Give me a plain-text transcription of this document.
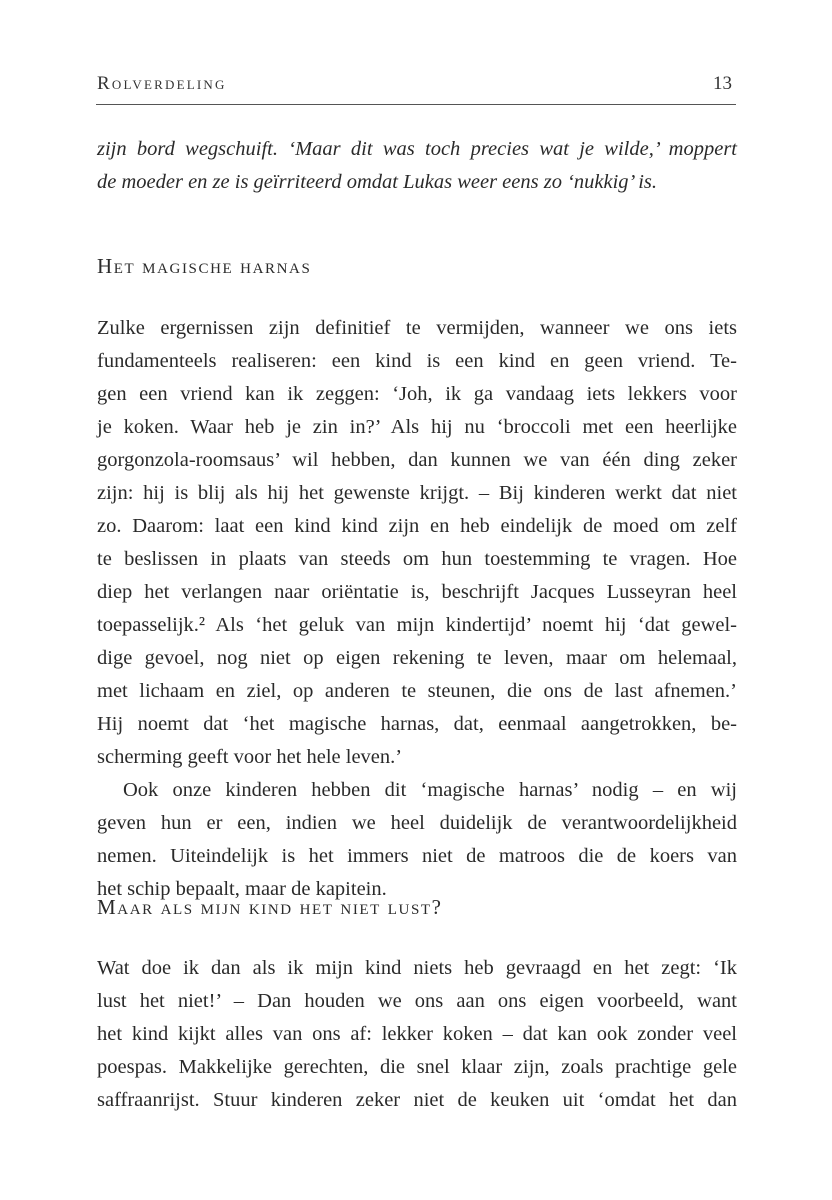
Rolverdeling	13
zijn bord wegschuift. ‘Maar dit was toch precies wat je wilde,’ moppert
de moeder en ze is geïrriteerd omdat Lukas weer eens zo ‘nukkig’ is.
Het magische harnas
Zulke ergernissen zijn definitief te vermijden, wanneer we ons iets
fundamenteels realiseren: een kind is een kind en geen vriend. Te-
gen een vriend kan ik zeggen: ‘Joh, ik ga vandaag iets lekkers voor
je koken. Waar heb je zin in?’ Als hij nu ‘broccoli met een heerlijke
gorgonzola-roomsaus’ wil hebben, dan kunnen we van één ding zeker
zijn: hij is blij als hij het gewenste krijgt. – Bij kinderen werkt dat niet
zo. Daarom: laat een kind kind zijn en heb eindelijk de moed om zelf
te beslissen in plaats van steeds om hun toestemming te vragen. Hoe
diep het verlangen naar oriëntatie is, beschrijft Jacques Lusseyran heel
toepasselijk.² Als ‘het geluk van mijn kindertijd’ noemt hij ‘dat gewel-
dige gevoel, nog niet op eigen rekening te leven, maar om helemaal,
met lichaam en ziel, op anderen te steunen, die ons de last afnemen.’
Hij noemt dat ‘het magische harnas, dat, eenmaal aangetrokken, be-
scherming geeft voor het hele leven.’
Ook onze kinderen hebben dit ‘magische harnas’ nodig – en wij
geven hun er een, indien we heel duidelijk de verantwoordelijkheid
nemen. Uiteindelijk is het immers niet de matroos die de koers van
het schip bepaalt, maar de kapitein.
Maar als mijn kind het niet lust?
Wat doe ik dan als ik mijn kind niets heb gevraagd en het zegt: ‘Ik
lust het niet!’ – Dan houden we ons aan ons eigen voorbeeld, want
het kind kijkt alles van ons af: lekker koken – dat kan ook zonder veel
poespas. Makkelijke gerechten, die snel klaar zijn, zoals prachtige gele
saffraanrijst. Stuur kinderen zeker niet de keuken uit ‘omdat het dan
